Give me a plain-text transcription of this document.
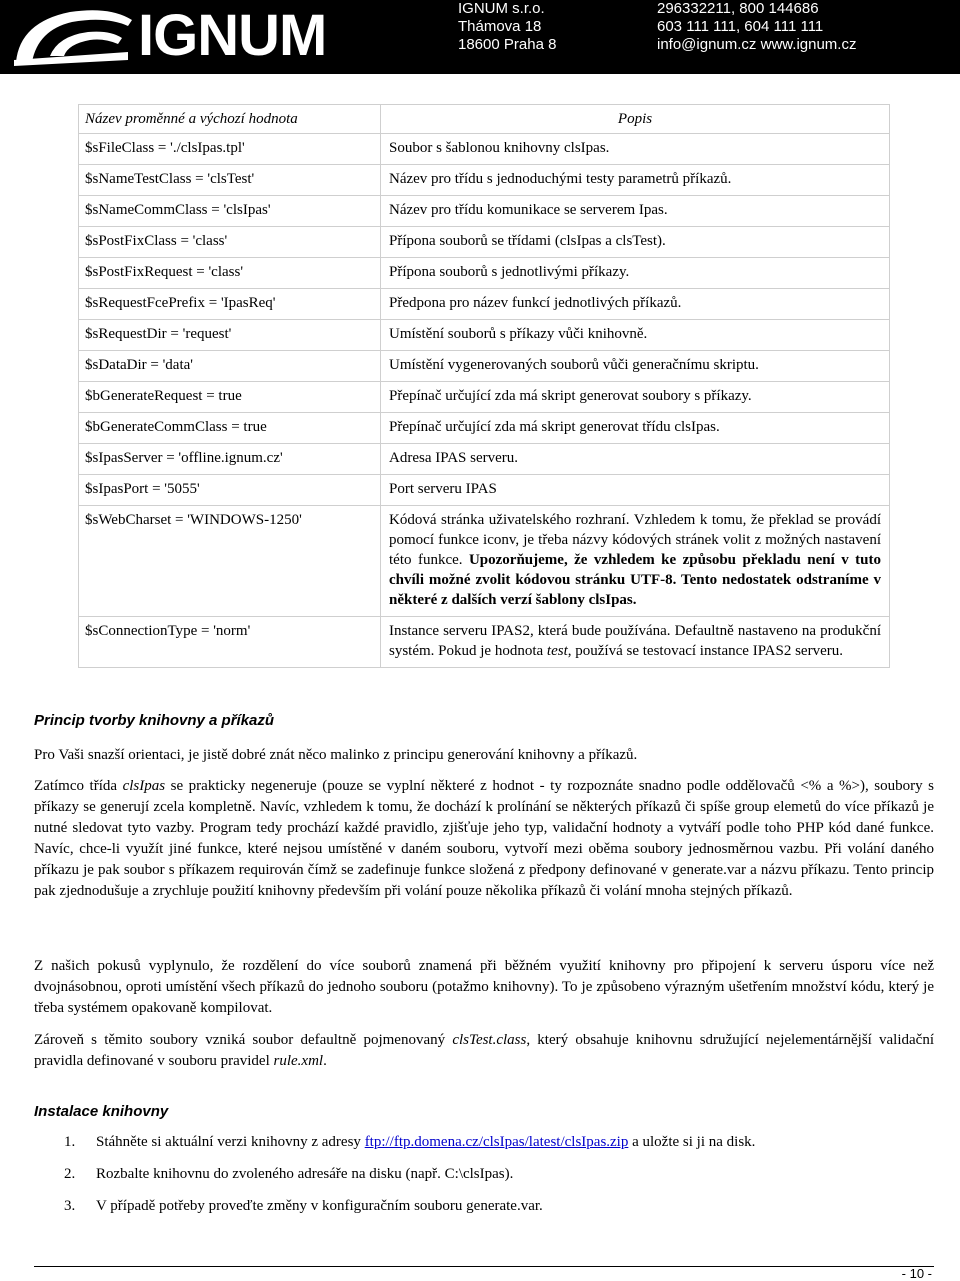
IGNUM	IGNUM s.r.o.
Thámova 18
18600 Praha 8
296332211, 800 144686
603 111 111, 604 111 111
info@ignum.cz www.ignum.cz
Název proměnné a výchozí hodnota	Popis
$sFileClass = './clsIpas.tpl'	Soubor s šablonou knihovny clsIpas.
$sNameTestClass = 'clsTest'	Název pro třídu s jednoduchými testy parametrů příkazů.
$sNameCommClass = 'clsIpas'	Název pro třídu komunikace se serverem Ipas.
$sPostFixClass = 'class'	Přípona souborů se třídami (clsIpas a clsTest).
$sPostFixRequest = 'class'	Přípona souborů s jednotlivými příkazy.
$sRequestFcePrefix = 'IpasReq'	Předpona pro název funkcí jednotlivých příkazů.
$sRequestDir = 'request'	Umístění souborů s příkazy vůči knihovně.
$sDataDir = 'data'	Umístění vygenerovaných souborů vůči generačnímu skriptu.
$bGenerateRequest = true	Přepínač určující zda má skript generovat soubory s příkazy.
$bGenerateCommClass = true	Přepínač určující zda má skript generovat třídu clsIpas.
$sIpasServer = 'offline.ignum.cz'	Adresa IPAS serveru.
$sIpasPort = '5055'	Port serveru IPAS
$sWebCharset = 'WINDOWS-1250'	Kódová stránka uživatelského rozhraní. Vzhledem k tomu, že překlad se provádí pomocí funkce iconv, je třeba názvy kódových stránek volit z možných nastavení této funkce. Upozorňujeme, že vzhledem ke způsobu překladu není v tuto chvíli možné zvolit kódovou stránku UTF-8. Tento nedostatek odstraníme v některé z dalších verzí šablony clsIpas.
$sConnectionType = 'norm'	Instance serveru IPAS2, která bude používána. Defaultně nastaveno na produkční systém. Pokud je hodnota test, používá se testovací instance IPAS2 serveru.
Princip tvorby knihovny a příkazů

Pro Vaši snazší orientaci, je jistě dobré znát něco malinko z principu generování knihovny a příkazů.

Zatímco třída clsIpas se prakticky negeneruje (pouze se vyplní některé z hodnot - ty rozpoznáte snadno podle oddělovačů <% a %>), soubory s příkazy se generují zcela kompletně. Navíc, vzhledem k tomu, že dochází k prolínání se některých příkazů či spíše group elemetů do více příkazů je nutné sledovat tyto vazby. Program tedy prochází každé pravidlo, zjišťuje jeho typ, validační hodnoty a vytváří podle toho PHP kód dané funkce. Navíc, chce-li využít jiné funkce, které nejsou umístěné v daném souboru, vytvoří mezi oběma soubory jednosměrnou vazbu. Při volání daného příkazu je pak soubor s příkazem requirován čímž se zadefinuje funkce složená z předpony definované v generate.var a názvu příkazu. Tento princip pak zjednodušuje a zrychluje použití knihovny především při volání pouze několika příkazů či volání mnoha stejných příkazů.

Z našich pokusů vyplynulo, že rozdělení do více souborů znamená při běžném využití knihovny pro připojení k serveru úsporu více než dvojnásobnou, oproti umístění všech příkazů do jednoho souboru (potažmo knihovny). To je způsobeno výrazným ušetřením množství kódu, který je třeba systémem opakovaně kompilovat.

Zároveň s těmito soubory vzniká soubor defaultně pojmenovaný clsTest.class, který obsahuje knihovnu sdružující nejelementárnější validační pravidla definované v souboru pravidel rule.xml.

Instalace knihovny
1. Stáhněte si aktuální verzi knihovny z adresy ftp://ftp.domena.cz/clsIpas/latest/clsIpas.zip a uložte si ji na disk.
2. Rozbalte knihovnu do zvoleného adresáře na disku (např. C:\clsIpas).
3. V případě potřeby proveďte změny v konfiguračním souboru generate.var.
- 10 -
